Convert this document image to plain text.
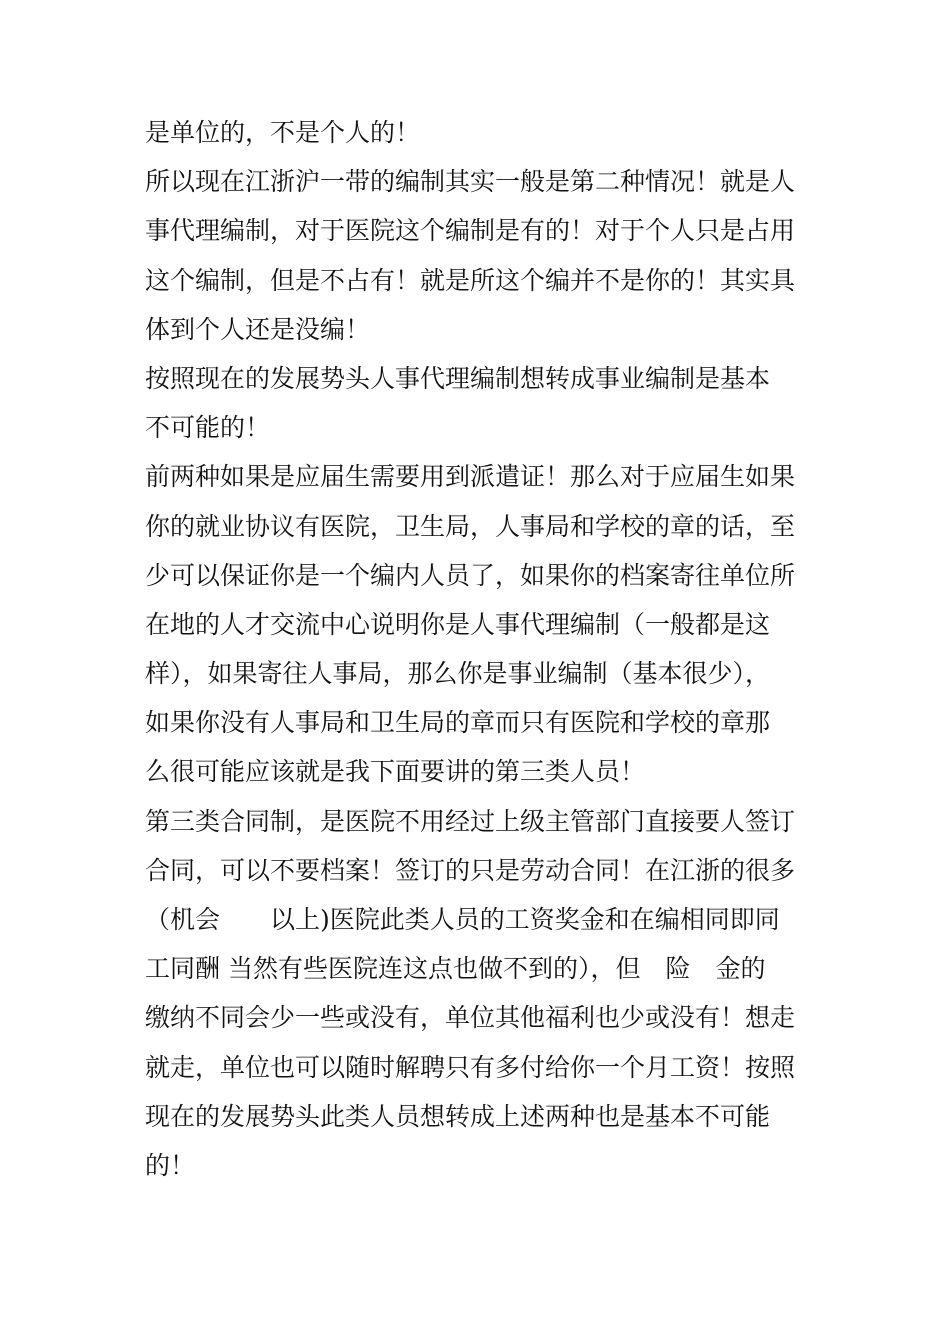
是单位的，不是个人的！
所以现在江浙沪一带的编制其实一般是第二种情况！就是人
事代理编制，对于医院这个编制是有的！对于个人只是占用
这个编制，但是不占有！就是所这个编并不是你的！其实具
体到个人还是没编！
按照现在的发展势头人事代理编制想转成事业编制是基本
不可能的！
前两种如果是应届生需要用到派遣证！那么对于应届生如果
你的就业协议有医院，卫生局，人事局和学校的章的话，至
少可以保证你是一个编内人员了，如果你的档案寄往单位所
在地的人才交流中心说明你是人事代理编制（一般都是这
样），如果寄往人事局，那么你是事业编制（基本很少），
如果你没有人事局和卫生局的章而只有医院和学校的章那
么很可能应该就是我下面要讲的第三类人员！
第三类合同制，是医院不用经过上级主管部门直接要人签订
合同，可以不要档案！签订的只是劳动合同！在江浙的很多
（机会　　以上)医院此类人员的工资奖金和在编相同即同
工同酬 当然有些医院连这点也做不到的），但　险　金的
缴纳不同会少一些或没有，单位其他福利也少或没有！想走
就走，单位也可以随时解聘只有多付给你一个月工资！按照
现在的发展势头此类人员想转成上述两种也是基本不可能
的！
